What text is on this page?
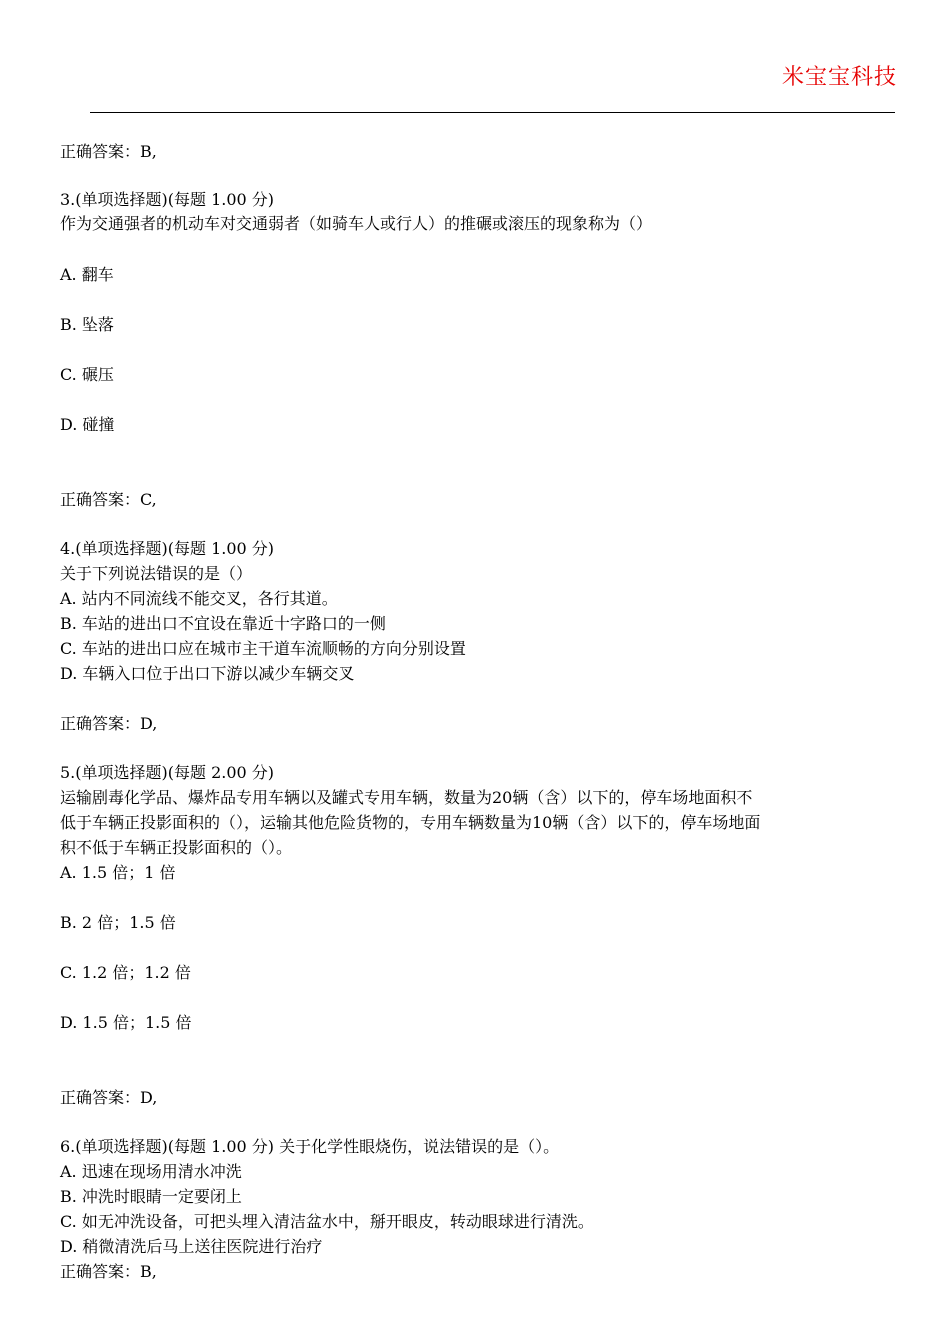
米宝宝科技
正确答案：B,
3.(单项选择题)(每题 1.00 分)
作为交通强者的机动车对交通弱者（如骑车人或行人）的推碾或滚压的现象称为（）
A. 翻车
B. 坠落
C. 碾压
D. 碰撞
正确答案：C,
4.(单项选择题)(每题 1.00 分)
关于下列说法错误的是（）
A. 站内不同流线不能交叉，各行其道。
B. 车站的进出口不宜设在靠近十字路口的一侧
C. 车站的进出口应在城市主干道车流顺畅的方向分别设置
D. 车辆入口位于出口下游以减少车辆交叉
正确答案：D,
5.(单项选择题)(每题 2.00 分)
运输剧毒化学品、爆炸品专用车辆以及罐式专用车辆，数量为20辆（含）以下的，停车场地面积不
低于车辆正投影面积的（），运输其他危险货物的，专用车辆数量为10辆（含）以下的，停车场地面
积不低于车辆正投影面积的（）。
A. 1.5 倍；1 倍
B. 2 倍；1.5 倍
C. 1.2 倍；1.2 倍
D. 1.5 倍；1.5 倍
正确答案：D,
6.(单项选择题)(每题 1.00 分) 关于化学性眼烧伤，说法错误的是（）。
A. 迅速在现场用清水冲洗
B. 冲洗时眼睛一定要闭上
C. 如无冲洗设备，可把头埋入清洁盆水中，掰开眼皮，转动眼球进行清洗。
D. 稍微清洗后马上送往医院进行治疗
正确答案：B,
